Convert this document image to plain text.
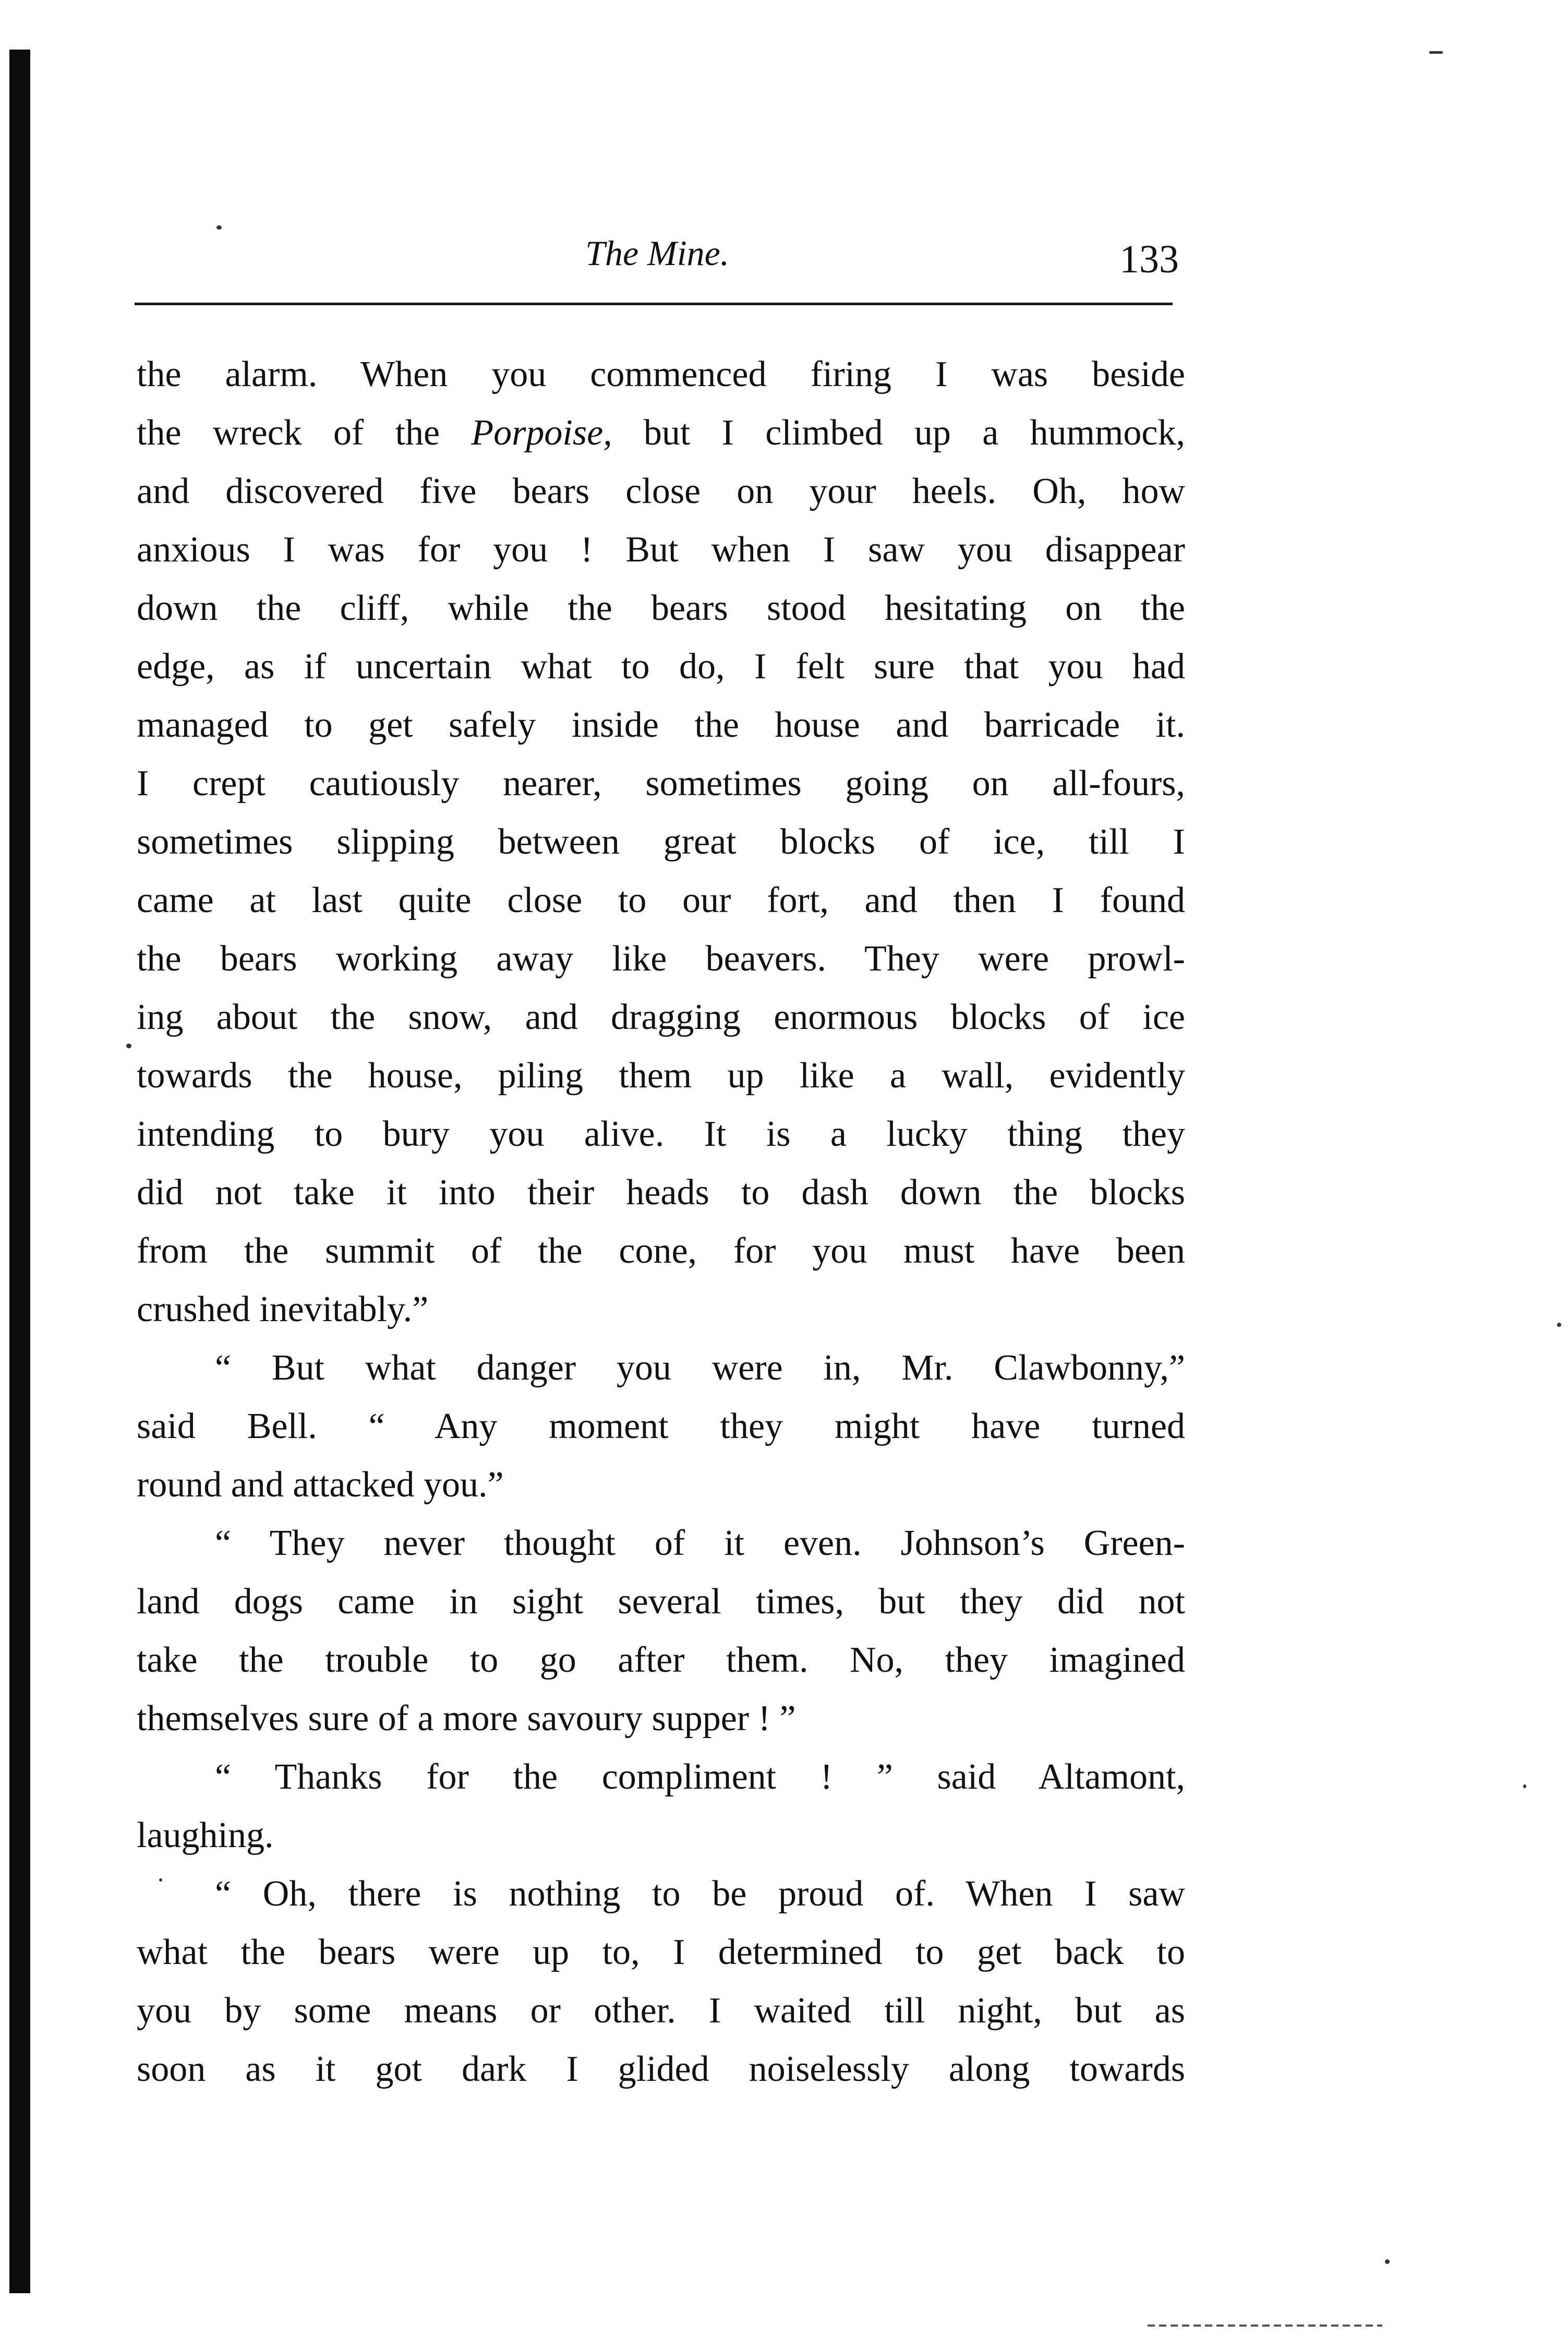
The Mine.	133
the alarm. When you commenced firing I was beside
the wreck of the Porpoise, but I climbed up a hummock,
and discovered five bears close on your heels. Oh, how
anxious I was for you ! But when I saw you disappear
down the cliff, while the bears stood hesitating on the
edge, as if uncertain what to do, I felt sure that you had
managed to get safely inside the house and barricade it.
I crept cautiously nearer, sometimes going on all-fours,
sometimes slipping between great blocks of ice, till I
came at last quite close to our fort, and then I found
the bears working away like beavers. They were prowl-
ing about the snow, and dragging enormous blocks of ice
towards the house, piling them up like a wall, evidently
intending to bury you alive. It is a lucky thing they
did not take it into their heads to dash down the blocks
from the summit of the cone, for you must have been
crushed inevitably.”
“ But what danger you were in, Mr. Clawbonny,”
said Bell. “ Any moment they might have turned
round and attacked you.”
“ They never thought of it even. Johnson’s Green-
land dogs came in sight several times, but they did not
take the trouble to go after them. No, they imagined
themselves sure of a more savoury supper ! ”
“ Thanks for the compliment ! ” said Altamont,
laughing.
“ Oh, there is nothing to be proud of. When I saw
what the bears were up to, I determined to get back to
you by some means or other. I waited till night, but as
soon as it got dark I glided noiselessly along towards
